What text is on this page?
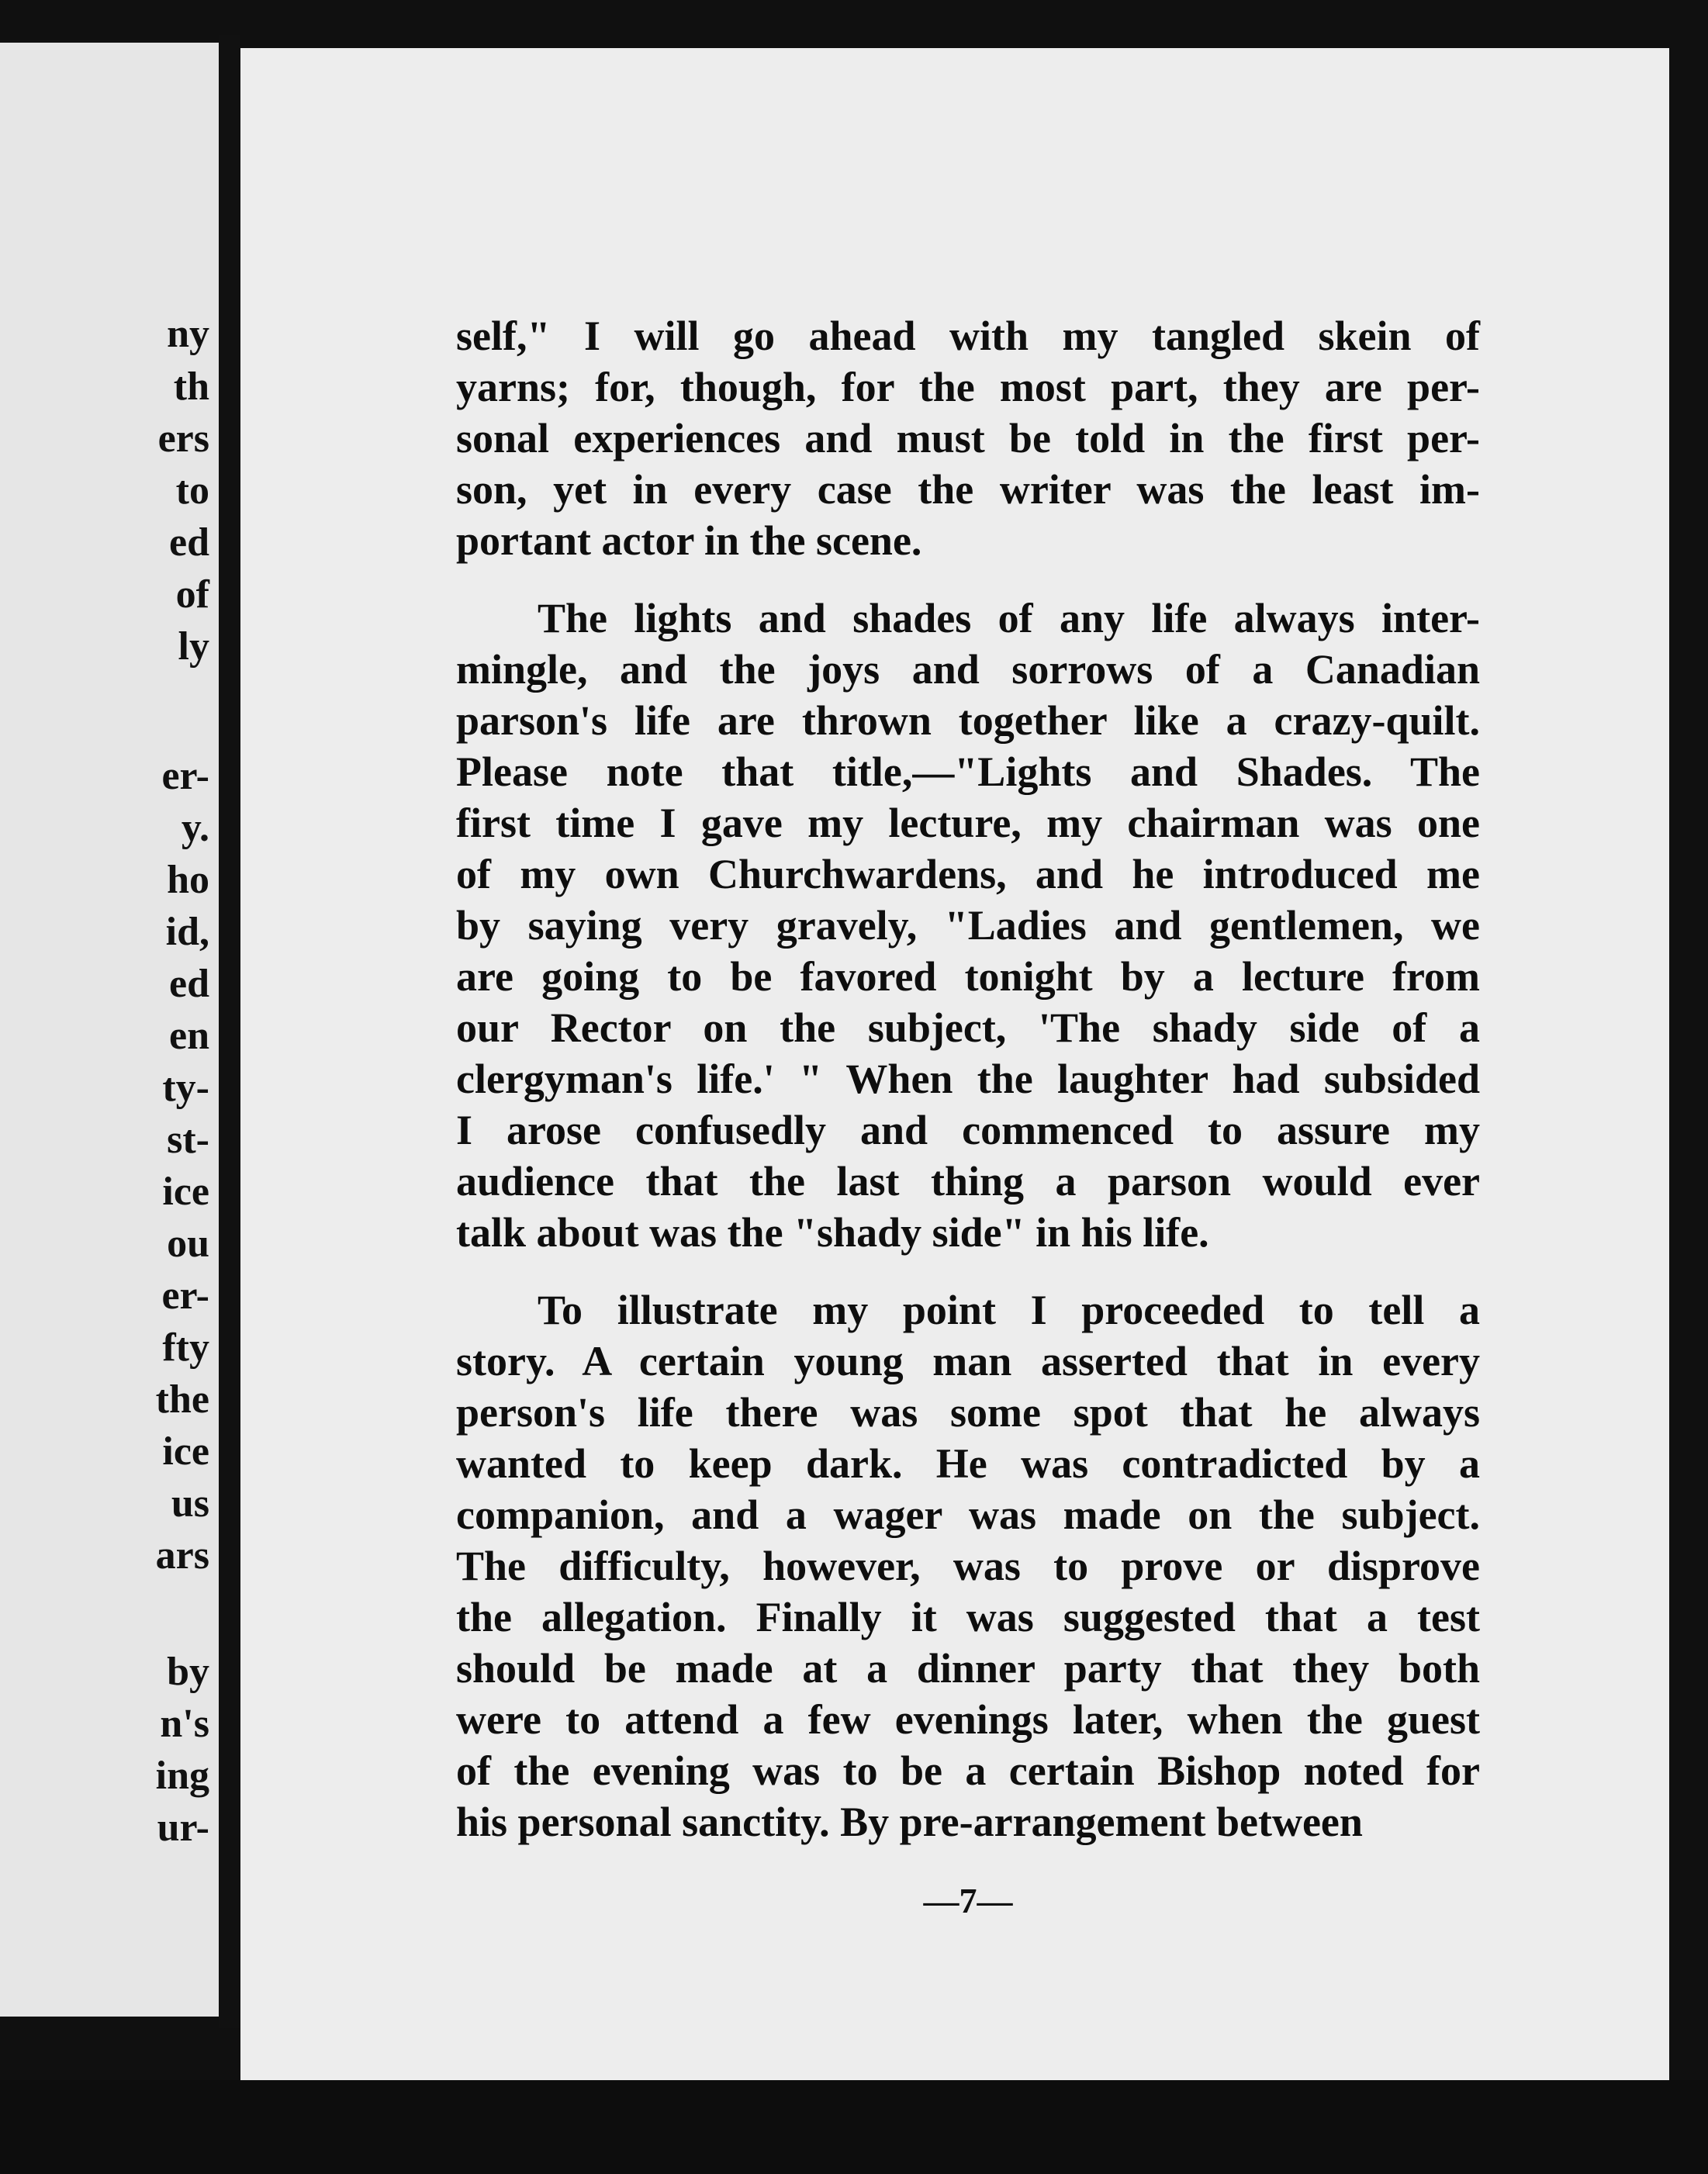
ny
th
ers
to
ed
of
ly
er-
y.
ho
id,
ed
en
ty-
st-
ice
ou
er-
fty
the
ice
us
ars
by
n's
ing
ur-
self," I will go ahead with my tangled skein of
yarns; for, though, for the most part, they are per-
sonal experiences and must be told in the first per-
son, yet in every case the writer was the least im-
portant actor in the scene.
The lights and shades of any life always inter-
mingle, and the joys and sorrows of a Canadian
parson's life are thrown together like a crazy-quilt.
Please note that title,—"Lights and Shades. The
first time I gave my lecture, my chairman was one
of my own Churchwardens, and he introduced me
by saying very gravely, "Ladies and gentlemen, we
are going to be favored tonight by a lecture from
our Rector on the subject, 'The shady side of a
clergyman's life.' " When the laughter had subsided
I arose confusedly and commenced to assure my
audience that the last thing a parson would ever
talk about was the "shady side" in his life.
To illustrate my point I proceeded to tell a
story. A certain young man asserted that in every
person's life there was some spot that he always
wanted to keep dark. He was contradicted by a
companion, and a wager was made on the subject.
The difficulty, however, was to prove or disprove
the allegation. Finally it was suggested that a test
should be made at a dinner party that they both
were to attend a few evenings later, when the guest
of the evening was to be a certain Bishop noted for
his personal sanctity. By pre-arrangement between
—7—
